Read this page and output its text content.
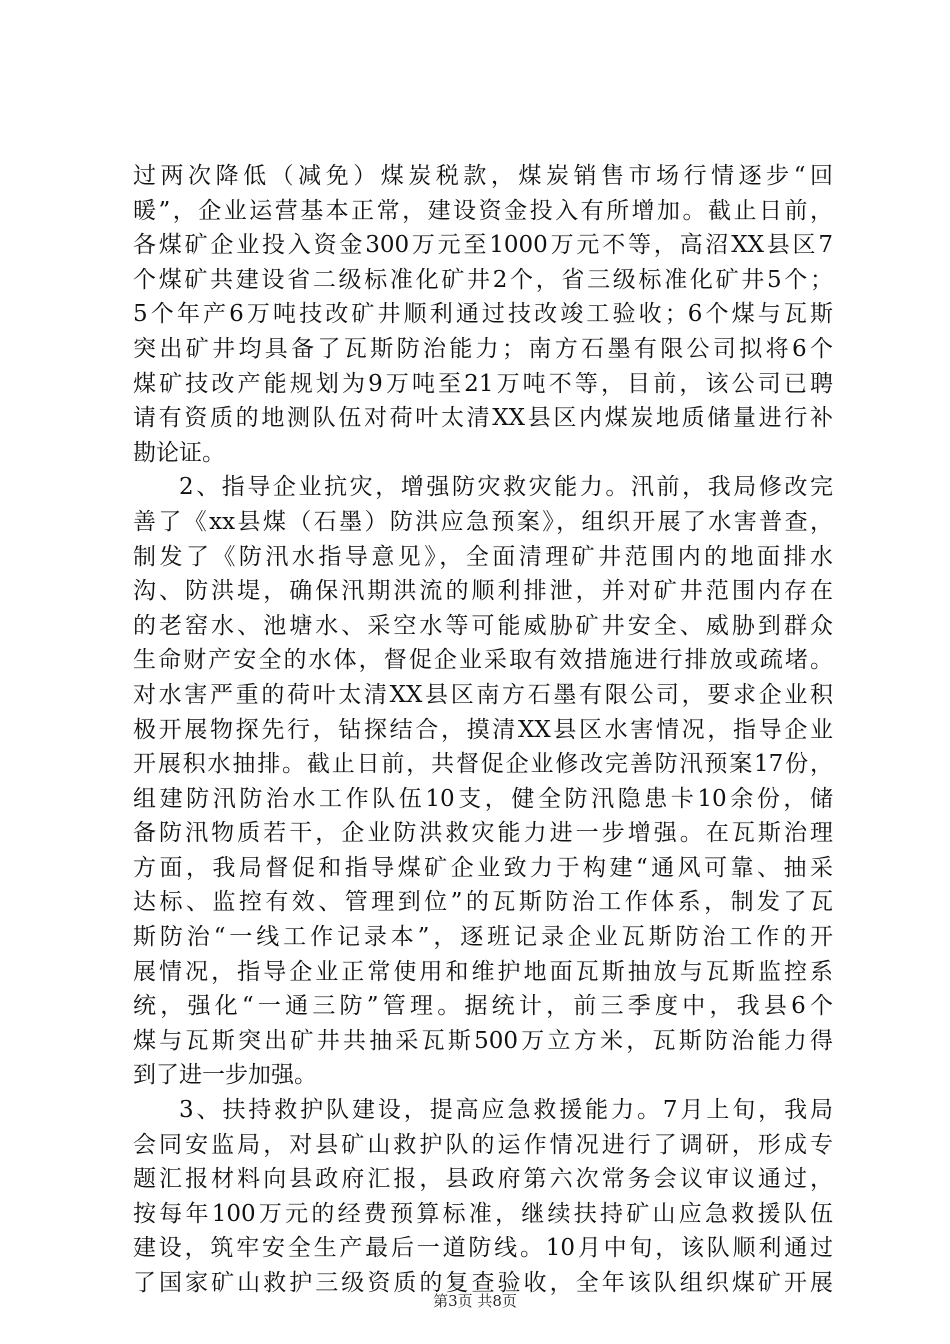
过两次降低（减免）煤炭税款，煤炭销售市场行情逐步“回
暖”，企业运营基本正常，建设资金投入有所增加。截止日前，
各煤矿企业投入资金300万元至1000万元不等，高沼XX县区7
个煤矿共建设省二级标准化矿井2个，省三级标准化矿井5个；
5个年产6万吨技改矿井顺利通过技改竣工验收；6个煤与瓦斯
突出矿井均具备了瓦斯防治能力；南方石墨有限公司拟将6个
煤矿技改产能规划为9万吨至21万吨不等，目前，该公司已聘
请有资质的地测队伍对荷叶太清XX县区内煤炭地质储量进行补
勘论证。
2、指导企业抗灾，增强防灾救灾能力。汛前，我局修改完
善了《xx县煤（石墨）防洪应急预案》，组织开展了水害普查，
制发了《防汛水指导意见》，全面清理矿井范围内的地面排水
沟、防洪堤，确保汛期洪流的顺利排泄，并对矿井范围内存在
的老窑水、池塘水、采空水等可能威胁矿井安全、威胁到群众
生命财产安全的水体，督促企业采取有效措施进行排放或疏堵。
对水害严重的荷叶太清XX县区南方石墨有限公司，要求企业积
极开展物探先行，钻探结合，摸清XX县区水害情况，指导企业
开展积水抽排。截止日前，共督促企业修改完善防汛预案17份，
组建防汛防治水工作队伍10支，健全防汛隐患卡10余份，储
备防汛物质若干，企业防洪救灾能力进一步增强。在瓦斯治理
方面，我局督促和指导煤矿企业致力于构建“通风可靠、抽采
达标、监控有效、管理到位”的瓦斯防治工作体系，制发了瓦
斯防治“一线工作记录本”，逐班记录企业瓦斯防治工作的开
展情况，指导企业正常使用和维护地面瓦斯抽放与瓦斯监控系
统，强化“一通三防”管理。据统计，前三季度中，我县6个
煤与瓦斯突出矿井共抽采瓦斯500万立方米，瓦斯防治能力得
到了进一步加强。
3、扶持救护队建设，提高应急救援能力。7月上旬，我局
会同安监局，对县矿山救护队的运作情况进行了调研，形成专
题汇报材料向县政府汇报，县政府第六次常务会议审议通过，
按每年100万元的经费预算标准，继续扶持矿山应急救援队伍
建设，筑牢安全生产最后一道防线。10月中旬，该队顺利通过
了国家矿山救护三级资质的复查验收，全年该队组织煤矿开展
第3页 共8页
